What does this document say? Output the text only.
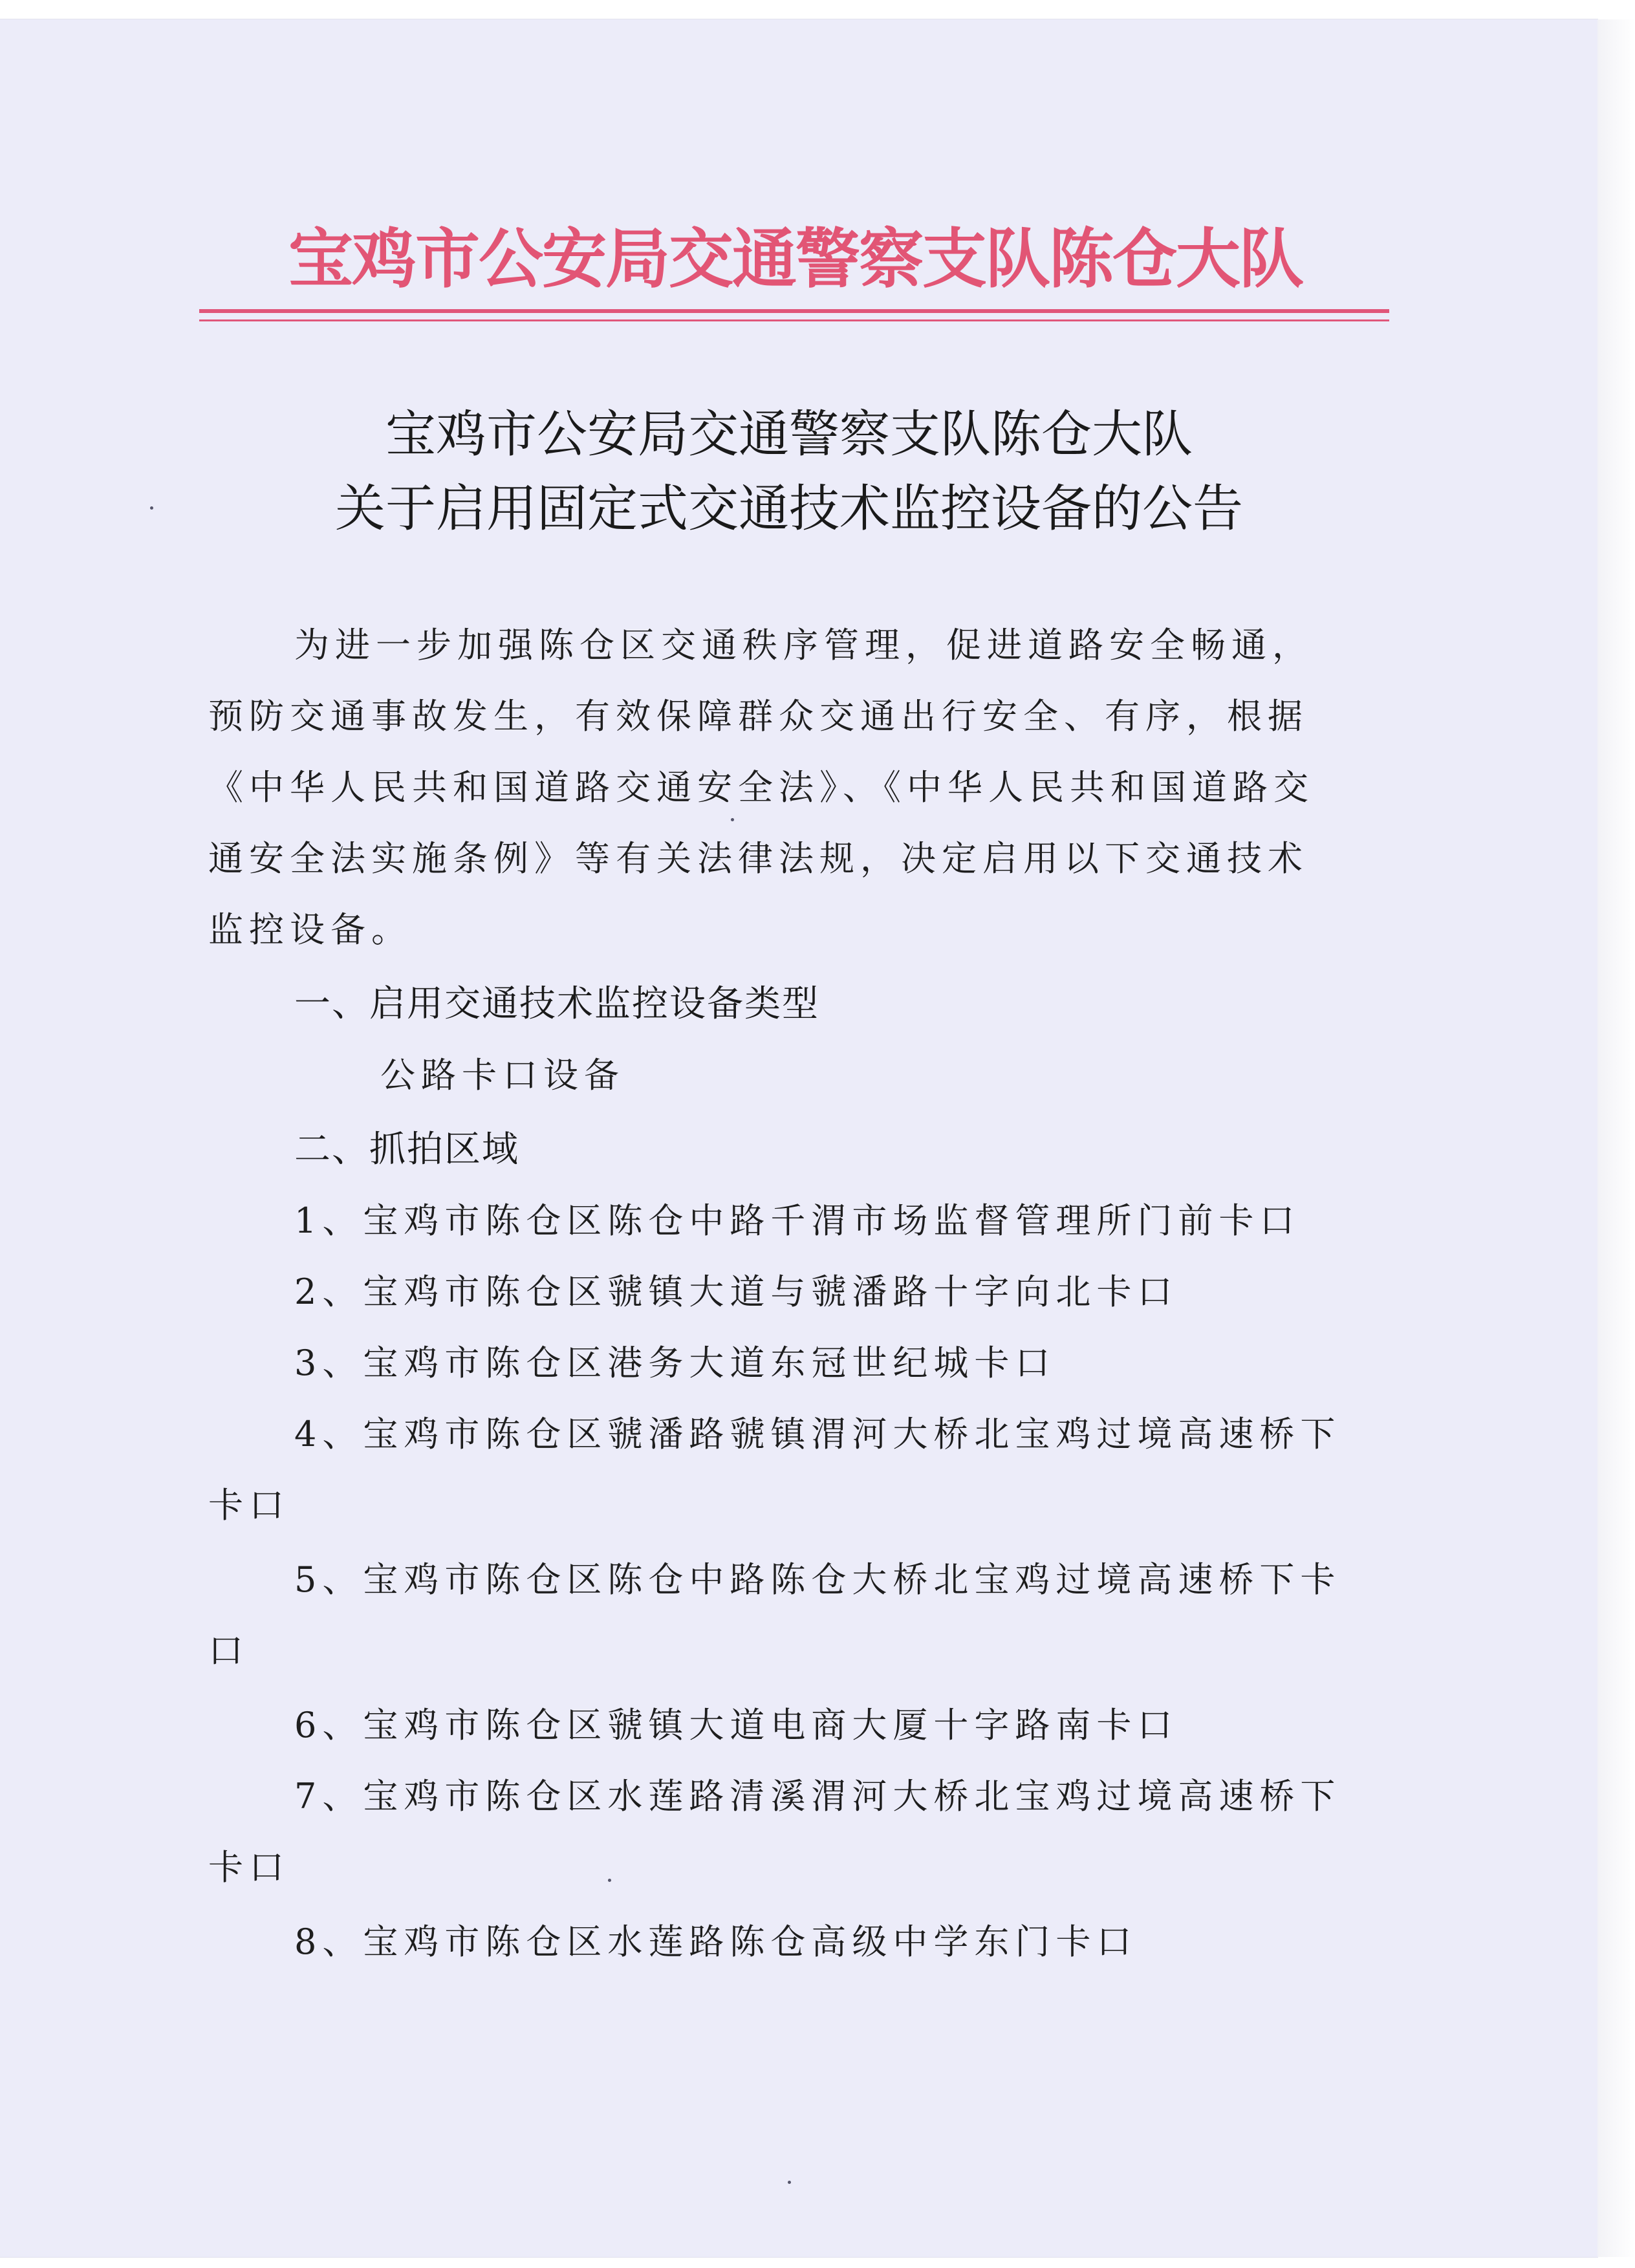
宝鸡市公安局交通警察支队陈仓大队
宝鸡市公安局交通警察支队陈仓大队
关于启用固定式交通技术监控设备的公告
为进一步加强陈仓区交通秩序管理，促进道路安全畅通，
预防交通事故发生，有效保障群众交通出行安全、有序，根据
《中华人民共和国道路交通安全法》、《中华人民共和国道路交
通安全法实施条例》等有关法律法规，决定启用以下交通技术
监控设备。
一、启用交通技术监控设备类型
公路卡口设备
二、抓拍区域
1、宝鸡市陈仓区陈仓中路千渭市场监督管理所门前卡口
2、宝鸡市陈仓区虢镇大道与虢潘路十字向北卡口
3、宝鸡市陈仓区港务大道东冠世纪城卡口
4、宝鸡市陈仓区虢潘路虢镇渭河大桥北宝鸡过境高速桥下
卡口
5、宝鸡市陈仓区陈仓中路陈仓大桥北宝鸡过境高速桥下卡
口
6、宝鸡市陈仓区虢镇大道电商大厦十字路南卡口
7、宝鸡市陈仓区水莲路清溪渭河大桥北宝鸡过境高速桥下
卡口
8、宝鸡市陈仓区水莲路陈仓高级中学东门卡口
